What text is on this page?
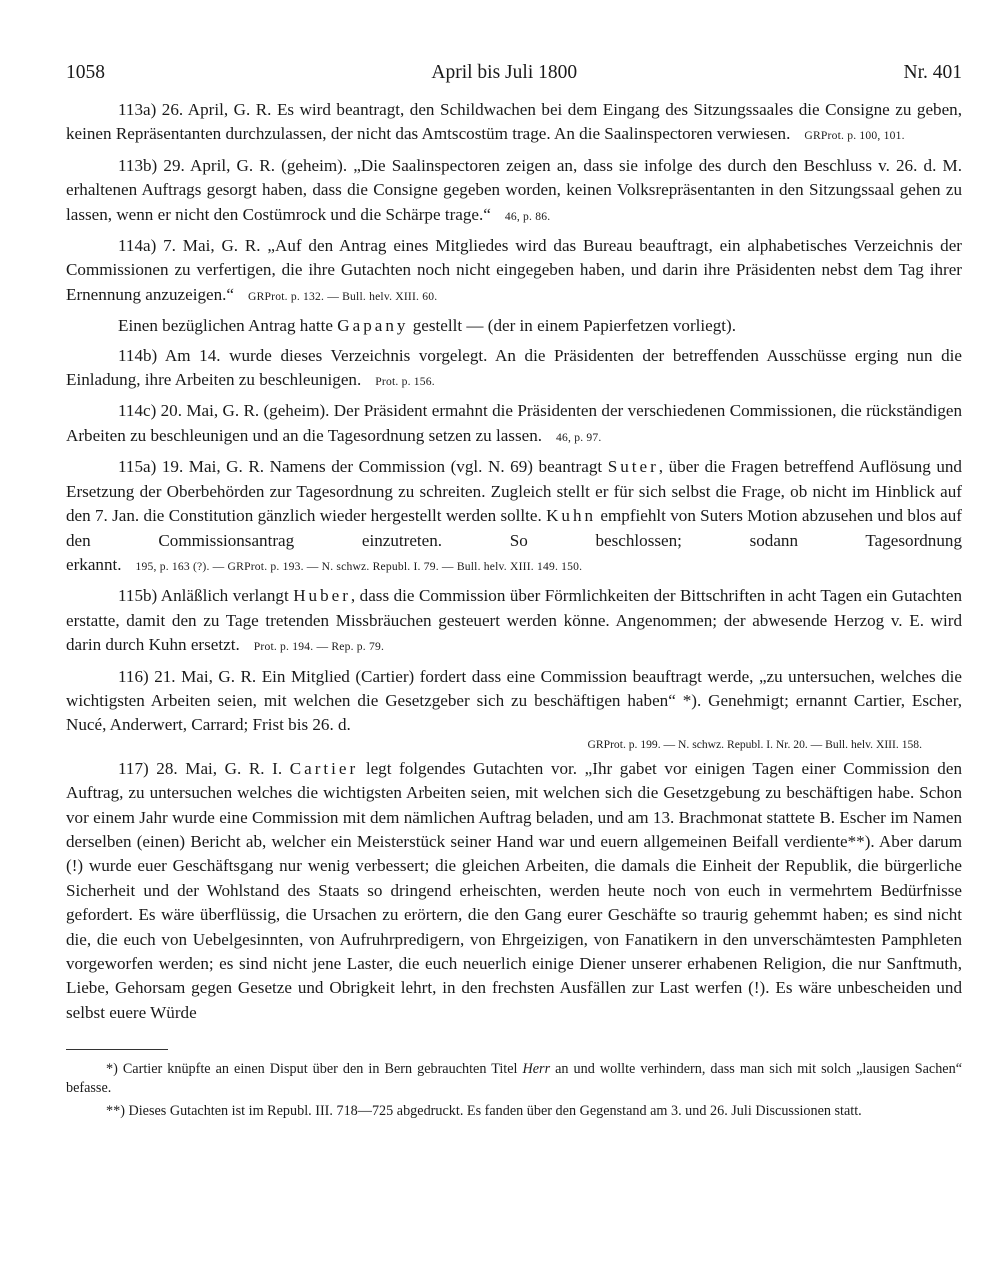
1058	April bis Juli 1800	Nr. 401

113a) 26. April, G. R. Es wird beantragt, den Schildwachen bei dem Eingang des Sitzungssaales die Consigne zu geben, keinen Repräsentanten durchzulassen, der nicht das Amtscostüm trage. An die Saalinspectoren verwiesen. GRProt. p. 100, 101.

113b) 29. April, G. R. (geheim). „Die Saalinspectoren zeigen an, dass sie infolge des durch den Beschluss v. 26. d. M. erhaltenen Auftrags gesorgt haben, dass die Consigne gegeben worden, keinen Volksrepräsentanten in den Sitzungssaal gehen zu lassen, wenn er nicht den Costümrock und die Schärpe trage.“ 46, p. 86.

114a) 7. Mai, G. R. „Auf den Antrag eines Mitgliedes wird das Bureau beauftragt, ein alphabetisches Verzeichnis der Commissionen zu verfertigen, die ihre Gutachten noch nicht eingegeben haben, und darin ihre Präsidenten nebst dem Tag ihrer Ernennung anzuzeigen.“ GRProt. p. 132. — Bull. helv. XIII. 60.

Einen bezüglichen Antrag hatte Gapany gestellt — (der in einem Papierfetzen vorliegt).

114b) Am 14. wurde dieses Verzeichnis vorgelegt. An die Präsidenten der betreffenden Ausschüsse erging nun die Einladung, ihre Arbeiten zu beschleunigen. Prot. p. 156.

114c) 20. Mai, G. R. (geheim). Der Präsident ermahnt die Präsidenten der verschiedenen Commissionen, die rückständigen Arbeiten zu beschleunigen und an die Tagesordnung setzen zu lassen. 46, p. 97.

115a) 19. Mai, G. R. Namens der Commission (vgl. N. 69) beantragt Suter, über die Fragen betreffend Auflösung und Ersetzung der Oberbehörden zur Tagesordnung zu schreiten. Zugleich stellt er für sich selbst die Frage, ob nicht im Hinblick auf den 7. Jan. die Constitution gänzlich wieder hergestellt werden sollte. Kuhn empfiehlt von Suters Motion abzusehen und blos auf den Commissionsantrag einzutreten. So beschlossen; sodann Tagesordnung erkannt. 195, p. 163 (?). — GRProt. p. 193. — N. schwz. Republ. I. 79. — Bull. helv. XIII. 149. 150.

115b) Anläßlich verlangt Huber, dass die Commission über Förmlichkeiten der Bittschriften in acht Tagen ein Gutachten erstatte, damit den zu Tage tretenden Missbräuchen gesteuert werden könne. Angenommen; der abwesende Herzog v. E. wird darin durch Kuhn ersetzt. Prot. p. 194. — Rep. p. 79.

116) 21. Mai, G. R. Ein Mitglied (Cartier) fordert dass eine Commission beauftragt werde, „zu untersuchen, welches die wichtigsten Arbeiten seien, mit welchen die Gesetzgeber sich zu beschäftigen haben“ *). Genehmigt; ernannt Cartier, Escher, Nucé, Anderwert, Carrard; Frist bis 26. d.

GRProt. p. 199. — N. schwz. Republ. I. Nr. 20. — Bull. helv. XIII. 158.

117) 28. Mai, G. R. I. Cartier legt folgendes Gutachten vor. „Ihr gabet vor einigen Tagen einer Commission den Auftrag, zu untersuchen welches die wichtigsten Arbeiten seien, mit welchen sich die Gesetzgebung zu beschäftigen habe. Schon vor einem Jahr wurde eine Commission mit dem nämlichen Auftrag beladen, und am 13. Brachmonat stattete B. Escher im Namen derselben (einen) Bericht ab, welcher ein Meisterstück seiner Hand war und euern allgemeinen Beifall verdiente**). Aber darum (!) wurde euer Geschäftsgang nur wenig verbessert; die gleichen Arbeiten, die damals die Einheit der Republik, die bürgerliche Sicherheit und der Wohlstand des Staats so dringend erheischten, werden heute noch von euch in vermehrtem Bedürfnisse gefordert. Es wäre überflüssig, die Ursachen zu erörtern, die den Gang eurer Geschäfte so traurig gehemmt haben; es sind nicht die, die euch von Uebelgesinnten, von Aufruhrpredigern, von Ehrgeizigen, von Fanatikern in den unverschämtesten Pamphleten vorgeworfen werden; es sind nicht jene Laster, die euch neuerlich einige Diener unserer erhabenen Religion, die nur Sanftmuth, Liebe, Gehorsam gegen Gesetze und Obrigkeit lehrt, in den frechsten Ausfällen zur Last werfen (!). Es wäre unbescheiden und selbst euere Würde

*) Cartier knüpfte an einen Disput über den in Bern gebrauchten Titel Herr an und wollte verhindern, dass man sich mit solch „lausigen Sachen“ befasse.

**) Dieses Gutachten ist im Republ. III. 718—725 abgedruckt. Es fanden über den Gegenstand am 3. und 26. Juli Discussionen statt.
